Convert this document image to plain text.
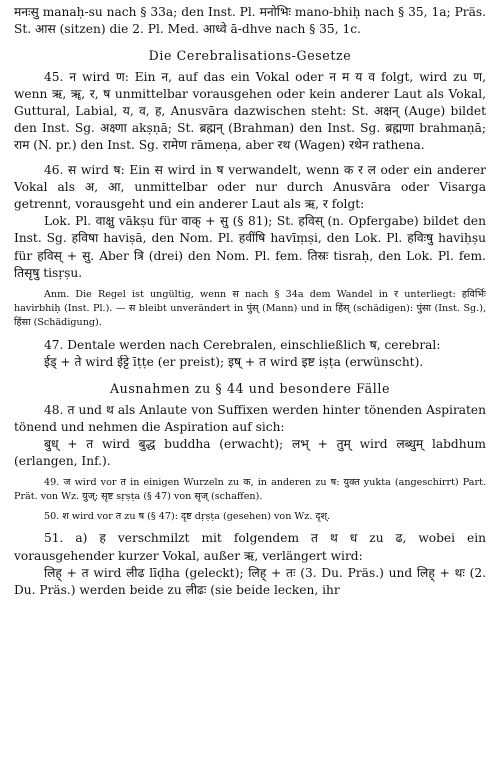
मनःसु manaḥ-su nach § 33a; den Inst. Pl. मनोभिः mano-bhiḥ nach § 35, 1a; Präs. St. आस (sitzen) die 2. Pl. Med. आध्वे ā-dhve nach § 35, 1c.

Die Cerebralisations-Gesetze

45. न wird ण: Ein न, auf das ein Vokal oder न म य व folgt, wird zu ण, wenn ऋ, ॠ, र, ष unmittelbar vorausgehen oder kein anderer Laut als Vokal, Guttural, Labial, य, व, ह, Anusvāra dazwischen steht: St. अक्षन् (Auge) bildet den Inst. Sg. अक्ष्णा akṣṇā; St. ब्रह्मन् (Brahman) den Inst. Sg. ब्रह्मणा brahmaṇā; राम (N. pr.) den Inst. Sg. रामेण rāmeṇa, aber रथ (Wagen) रथेन rathena.

46. स wird ष: Ein स wird in ष verwandelt, wenn क र ल oder ein anderer Vokal als अ, आ, unmittelbar oder nur durch Anusvāra oder Visarga getrennt, vorausgeht und ein anderer Laut als ऋ, र folgt:

Lok. Pl. वाक्षु vākṣu für वाक् + सु (§ 81); St. हविस् (n. Opfergabe) bildet den Inst. Sg. हविषा haviṣā, den Nom. Pl. हवींषि havīṃṣi, den Lok. Pl. हविःषु haviḥṣu für हविस् + सु. Aber त्रि (drei) den Nom. Pl. fem. तिस्रः tisraḥ, den Lok. Pl. fem. तिसृषु tisṛṣu.

Anm. Die Regel ist ungültig, wenn स nach § 34a dem Wandel in र unterliegt: हविर्भिः havirbhiḥ (Inst. Pl.). — स bleibt unverändert in पुंस् (Mann) und in हिंस् (schädigen): पुंसा (Inst. Sg.), हिंसा (Schädigung).

47. Dentale werden nach Cerebralen, einschließlich ष, cerebral:

ईड् + ते wird ईट्टे īṭṭe (er preist); इष् + त wird इष्ट iṣṭa (erwünscht).

Ausnahmen zu § 44 und besondere Fälle

48. त und थ als Anlaute von Suffixen werden hinter tönenden Aspiraten tönend und nehmen die Aspiration auf sich:

बुध् + त wird बुद्ध buddha (erwacht); लभ् + तुम् wird लब्धुम् labdhum (erlangen, Inf.).

49. ज wird vor त in einigen Wurzeln zu क, in anderen zu ष: युक्त yukta (angeschirrt) Part. Prät. von Wz. युज्; सृष्ट sṛṣṭa (§ 47) von सृज् (schaffen).

50. श wird vor त zu ष (§ 47): दृष्ट dṛṣṭa (gesehen) von Wz. दृश्.

51. a) ह verschmilzt mit folgendem त थ ध zu ढ, wobei ein vorausgehender kurzer Vokal, außer ऋ, verlängert wird:

लिह् + त wird लीढ līḍha (geleckt); लिह् + तः (3. Du. Präs.) und लिह् + थः (2. Du. Präs.) werden beide zu लीढः (sie beide lecken, ihr
